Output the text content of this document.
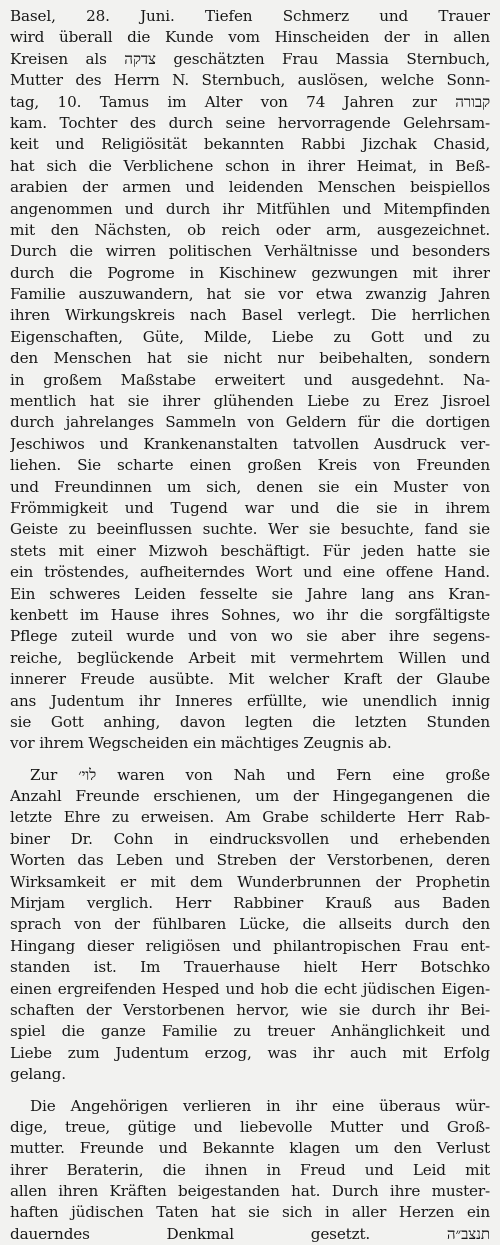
Basel, 28. Juni. Tiefen Schmerz und Trauer
wird überall die Kunde vom Hinscheiden der in allen
Kreisen als צדקה geschätzten Frau Massia Sternbuch,
Mutter des Herrn N. Sternbuch, auslösen, welche Sonn-
tag, 10. Tamus im Alter von 74 Jahren zur קבורה
kam. Tochter des durch seine hervorragende Gelehrsam-
keit und Religiösität bekannten Rabbi Jizchak Chasid,
hat sich die Verblichene schon in ihrer Heimat, in Beß-
arabien der armen und leidenden Menschen beispiellos
angenommen und durch ihr Mitfühlen und Mitempfinden
mit den Nächsten, ob reich oder arm, ausgezeichnet.
Durch die wirren politischen Verhältnisse und besonders
durch die Pogrome in Kischinew gezwungen mit ihrer
Familie auszuwandern, hat sie vor etwa zwanzig Jahren
ihren Wirkungskreis nach Basel verlegt. Die herrlichen
Eigenschaften, Güte, Milde, Liebe zu Gott und zu
den Menschen hat sie nicht nur beibehalten, sondern
in großem Maßstabe erweitert und ausgedehnt. Na-
mentlich hat sie ihrer glühenden Liebe zu Erez Jisroel
durch jahrelanges Sammeln von Geldern für die dortigen
Jeschiwos und Krankenanstalten tatvollen Ausdruck ver-
liehen. Sie scharte einen großen Kreis von Freunden
und Freundinnen um sich, denen sie ein Muster von
Frömmigkeit und Tugend war und die sie in ihrem
Geiste zu beeinflussen suchte. Wer sie besuchte, fand sie
stets mit einer Mizwoh beschäftigt. Für jeden hatte sie
ein tröstendes, aufheiterndes Wort und eine offene Hand.
Ein schweres Leiden fesselte sie Jahre lang ans Kran-
kenbett im Hause ihres Sohnes, wo ihr die sorgfältigste
Pflege zuteil wurde und von wo sie aber ihre segens-
reiche, beglückende Arbeit mit vermehrtem Willen und
innerer Freude ausübte. Mit welcher Kraft der Glaube
ans Judentum ihr Inneres erfüllte, wie unendlich innig
sie Gott anhing, davon legten die letzten Stunden
vor ihrem Wegscheiden ein mächtiges Zeugnis ab.
Zur לוי׳ waren von Nah und Fern eine große
Anzahl Freunde erschienen, um der Hingegangenen die
letzte Ehre zu erweisen. Am Grabe schilderte Herr Rab-
biner Dr. Cohn in eindrucksvollen und erhebenden
Worten das Leben und Streben der Verstorbenen, deren
Wirksamkeit er mit dem Wunderbrunnen der Prophetin
Mirjam verglich. Herr Rabbiner Krauß aus Baden
sprach von der fühlbaren Lücke, die allseits durch den
Hingang dieser religiösen und philantropischen Frau ent-
standen ist. Im Trauerhause hielt Herr Botschko
einen ergreifenden Hesped und hob die echt jüdischen Eigen-
schaften der Verstorbenen hervor, wie sie durch ihr Bei-
spiel die ganze Familie zu treuer Anhänglichkeit und
Liebe zum Judentum erzog, was ihr auch mit Erfolg
gelang.
Die Angehörigen verlieren in ihr eine überaus wür-
dige, treue, gütige und liebevolle Mutter und Groß-
mutter. Freunde und Bekannte klagen um den Verlust
ihrer Beraterin, die ihnen in Freud und Leid mit
allen ihren Kräften beigestanden hat. Durch ihre muster-
haften jüdischen Taten hat sie sich in aller Herzen ein
dauerndes Denkmal gesetzt. תנצב״ה
